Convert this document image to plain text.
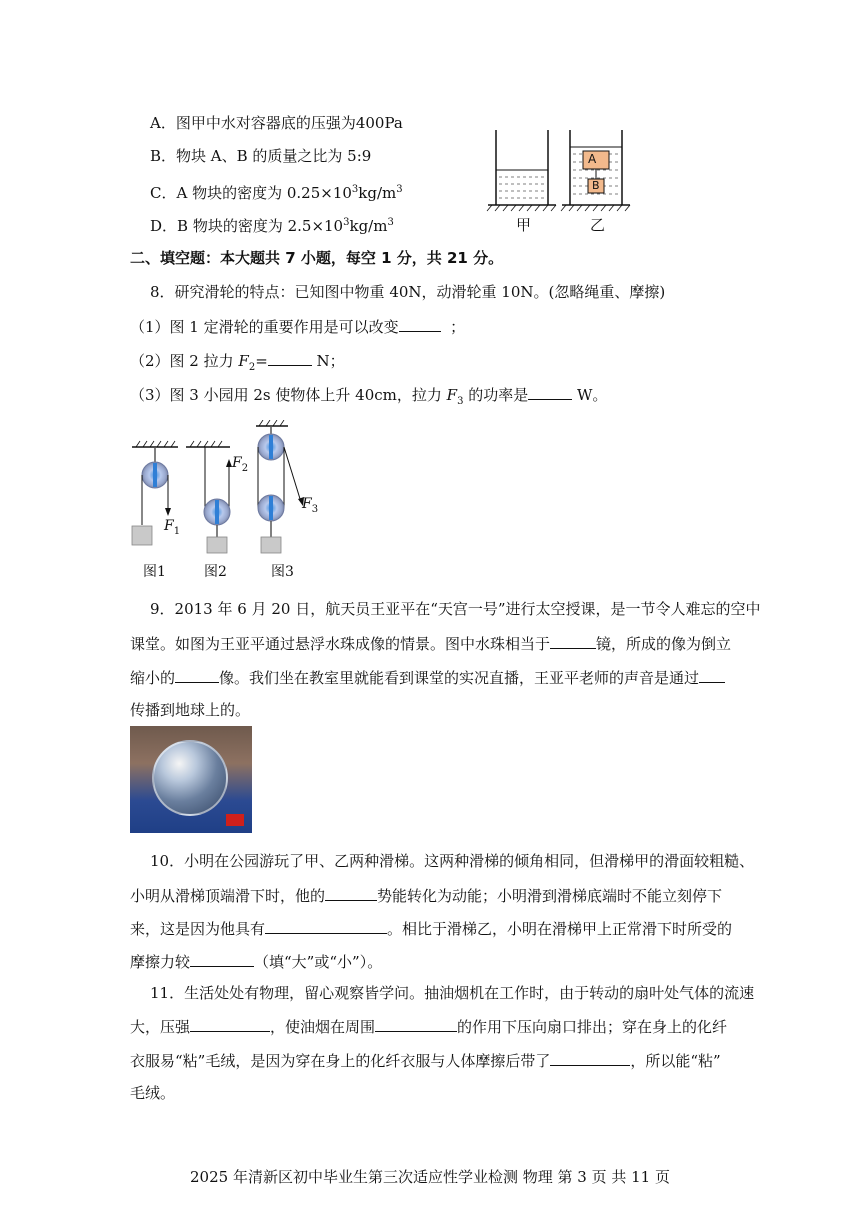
A．图甲中水对容器底的压强为400Pa
B．物块 A、B 的质量之比为 5:9
C．A 物块的密度为 $0.25\times 10^3kg/m^3$
D．B 物块的密度为 $2.5\times 10^3kg/m^3$
A
B
甲	乙
二、填空题：本大题共 7 小题，每空 1 分，共 21 分。
8．研究滑轮的特点：已知图中物重 40N，动滑轮重 10N。(忽略绳重、摩擦)
（1）图 1 定滑轮的重要作用是可以改变	；
（2）图 2 拉力 $F_2=$	N；
（3）图 3 小园用 2s 使物体上升 40cm，拉力 $F_3$ 的功率是	W。
$F_1$
$F_2$
$F_3$
图1	图2	图3
9．2013 年 6 月 20 日，航天员王亚平在“天宫一号”进行太空授课，是一节令人难忘的空中
课堂。如图为王亚平通过悬浮水珠成像的情景。图中水珠相当于	镜，所成的像为倒立
缩小的	像。我们坐在教室里就能看到课堂的实况直播，王亚平老师的声音是通过
传播到地球上的。
10．小明在公园游玩了甲、乙两种滑梯。这两种滑梯的倾角相同，但滑梯甲的滑面较粗糙、
小明从滑梯顶端滑下时，他的	势能转化为动能；小明滑到滑梯底端时不能立刻停下
来，这是因为他具有	。相比于滑梯乙，小明在滑梯甲上正常滑下时所受的
摩擦力较	（填“大”或“小”）。
11．生活处处有物理，留心观察皆学问。抽油烟机在工作时，由于转动的扇叶处气体的流速
大，压强	，使油烟在周围	的作用下压向扇口排出；穿在身上的化纤
衣服易“粘”毛绒，是因为穿在身上的化纤衣服与人体摩擦后带了	，所以能“粘”
毛绒。
2025 年清新区初中毕业生第三次适应性学业检测 物理 第 3 页 共 11 页
